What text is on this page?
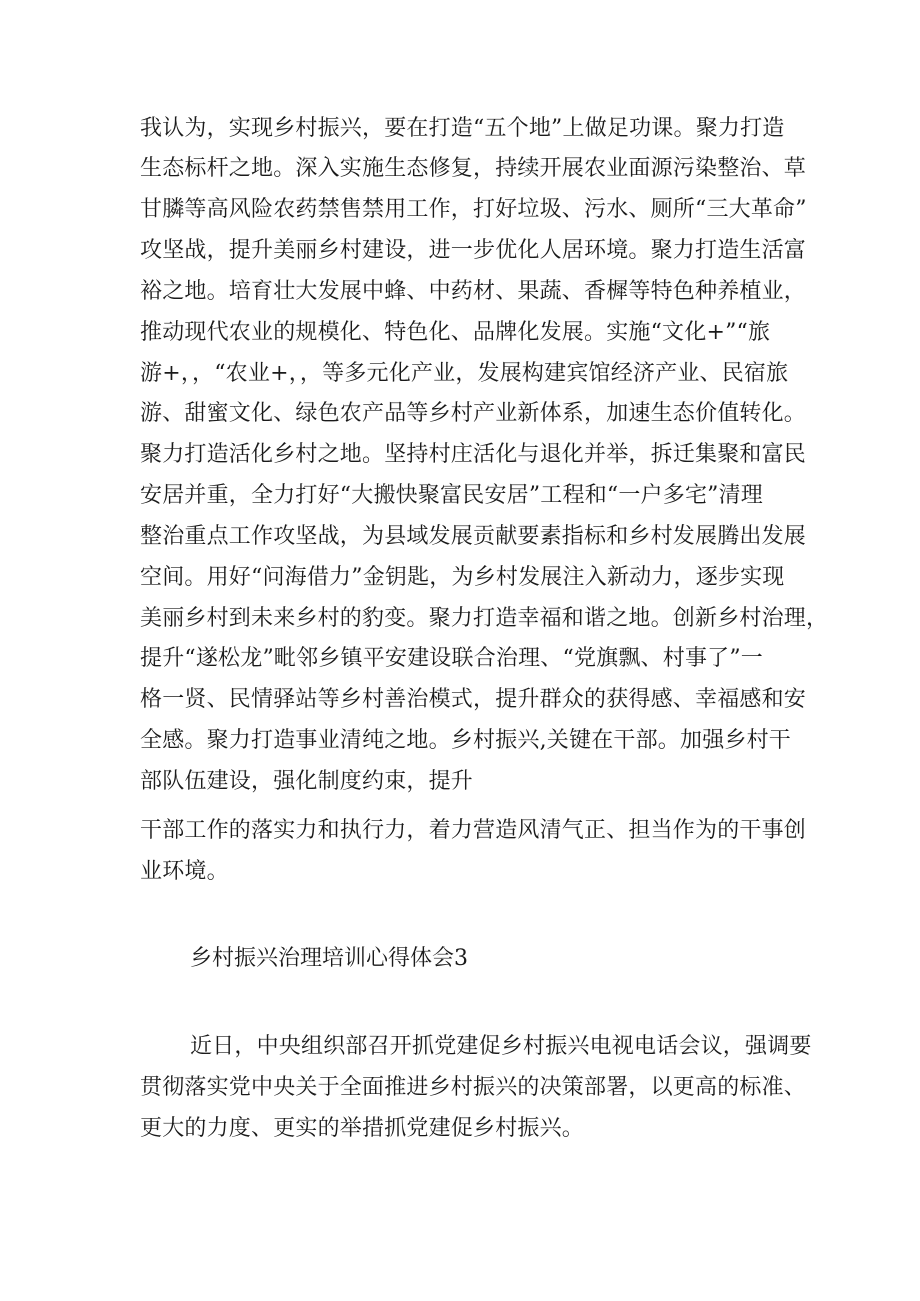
我认为，实现乡村振兴，要在打造“五个地”上做足功课。聚力打造
生态标杆之地。深入实施生态修复，持续开展农业面源污染整治、草
甘膦等高风险农药禁售禁用工作，打好垃圾、污水、厕所“三大革命”
攻坚战，提升美丽乡村建设，进一步优化人居环境。聚力打造生活富
裕之地。培育壮大发展中蜂、中药材、果蔬、香樨等特色种养植业，
推动现代农业的规模化、特色化、品牌化发展。实施“文化+”“旅
游+，，“农业+，，等多元化产业，发展构建宾馆经济产业、民宿旅
游、甜蜜文化、绿色农产品等乡村产业新体系，加速生态价值转化。
聚力打造活化乡村之地。坚持村庄活化与退化并举，拆迁集聚和富民
安居并重，全力打好“大搬快聚富民安居”工程和“一户多宅”清理
整治重点工作攻坚战，为县域发展贡献要素指标和乡村发展腾出发展
空间。用好“问海借力”金钥匙，为乡村发展注入新动力，逐步实现
美丽乡村到未来乡村的豹变。聚力打造幸福和谐之地。创新乡村治理，
提升“遂松龙”毗邻乡镇平安建设联合治理、“党旗飘、村事了”一
格一贤、民情驿站等乡村善治模式，提升群众的获得感、幸福感和安
全感。聚力打造事业清纯之地。乡村振兴,关键在干部。加强乡村干
部队伍建设，强化制度约束，提升
干部工作的落实力和执行力，着力营造风清气正、担当作为的干事创
业环境。
乡村振兴治理培训心得体会3
近日，中央组织部召开抓党建促乡村振兴电视电话会议，强调要
贯彻落实党中央关于全面推进乡村振兴的决策部署，以更高的标准、
更大的力度、更实的举措抓党建促乡村振兴。
